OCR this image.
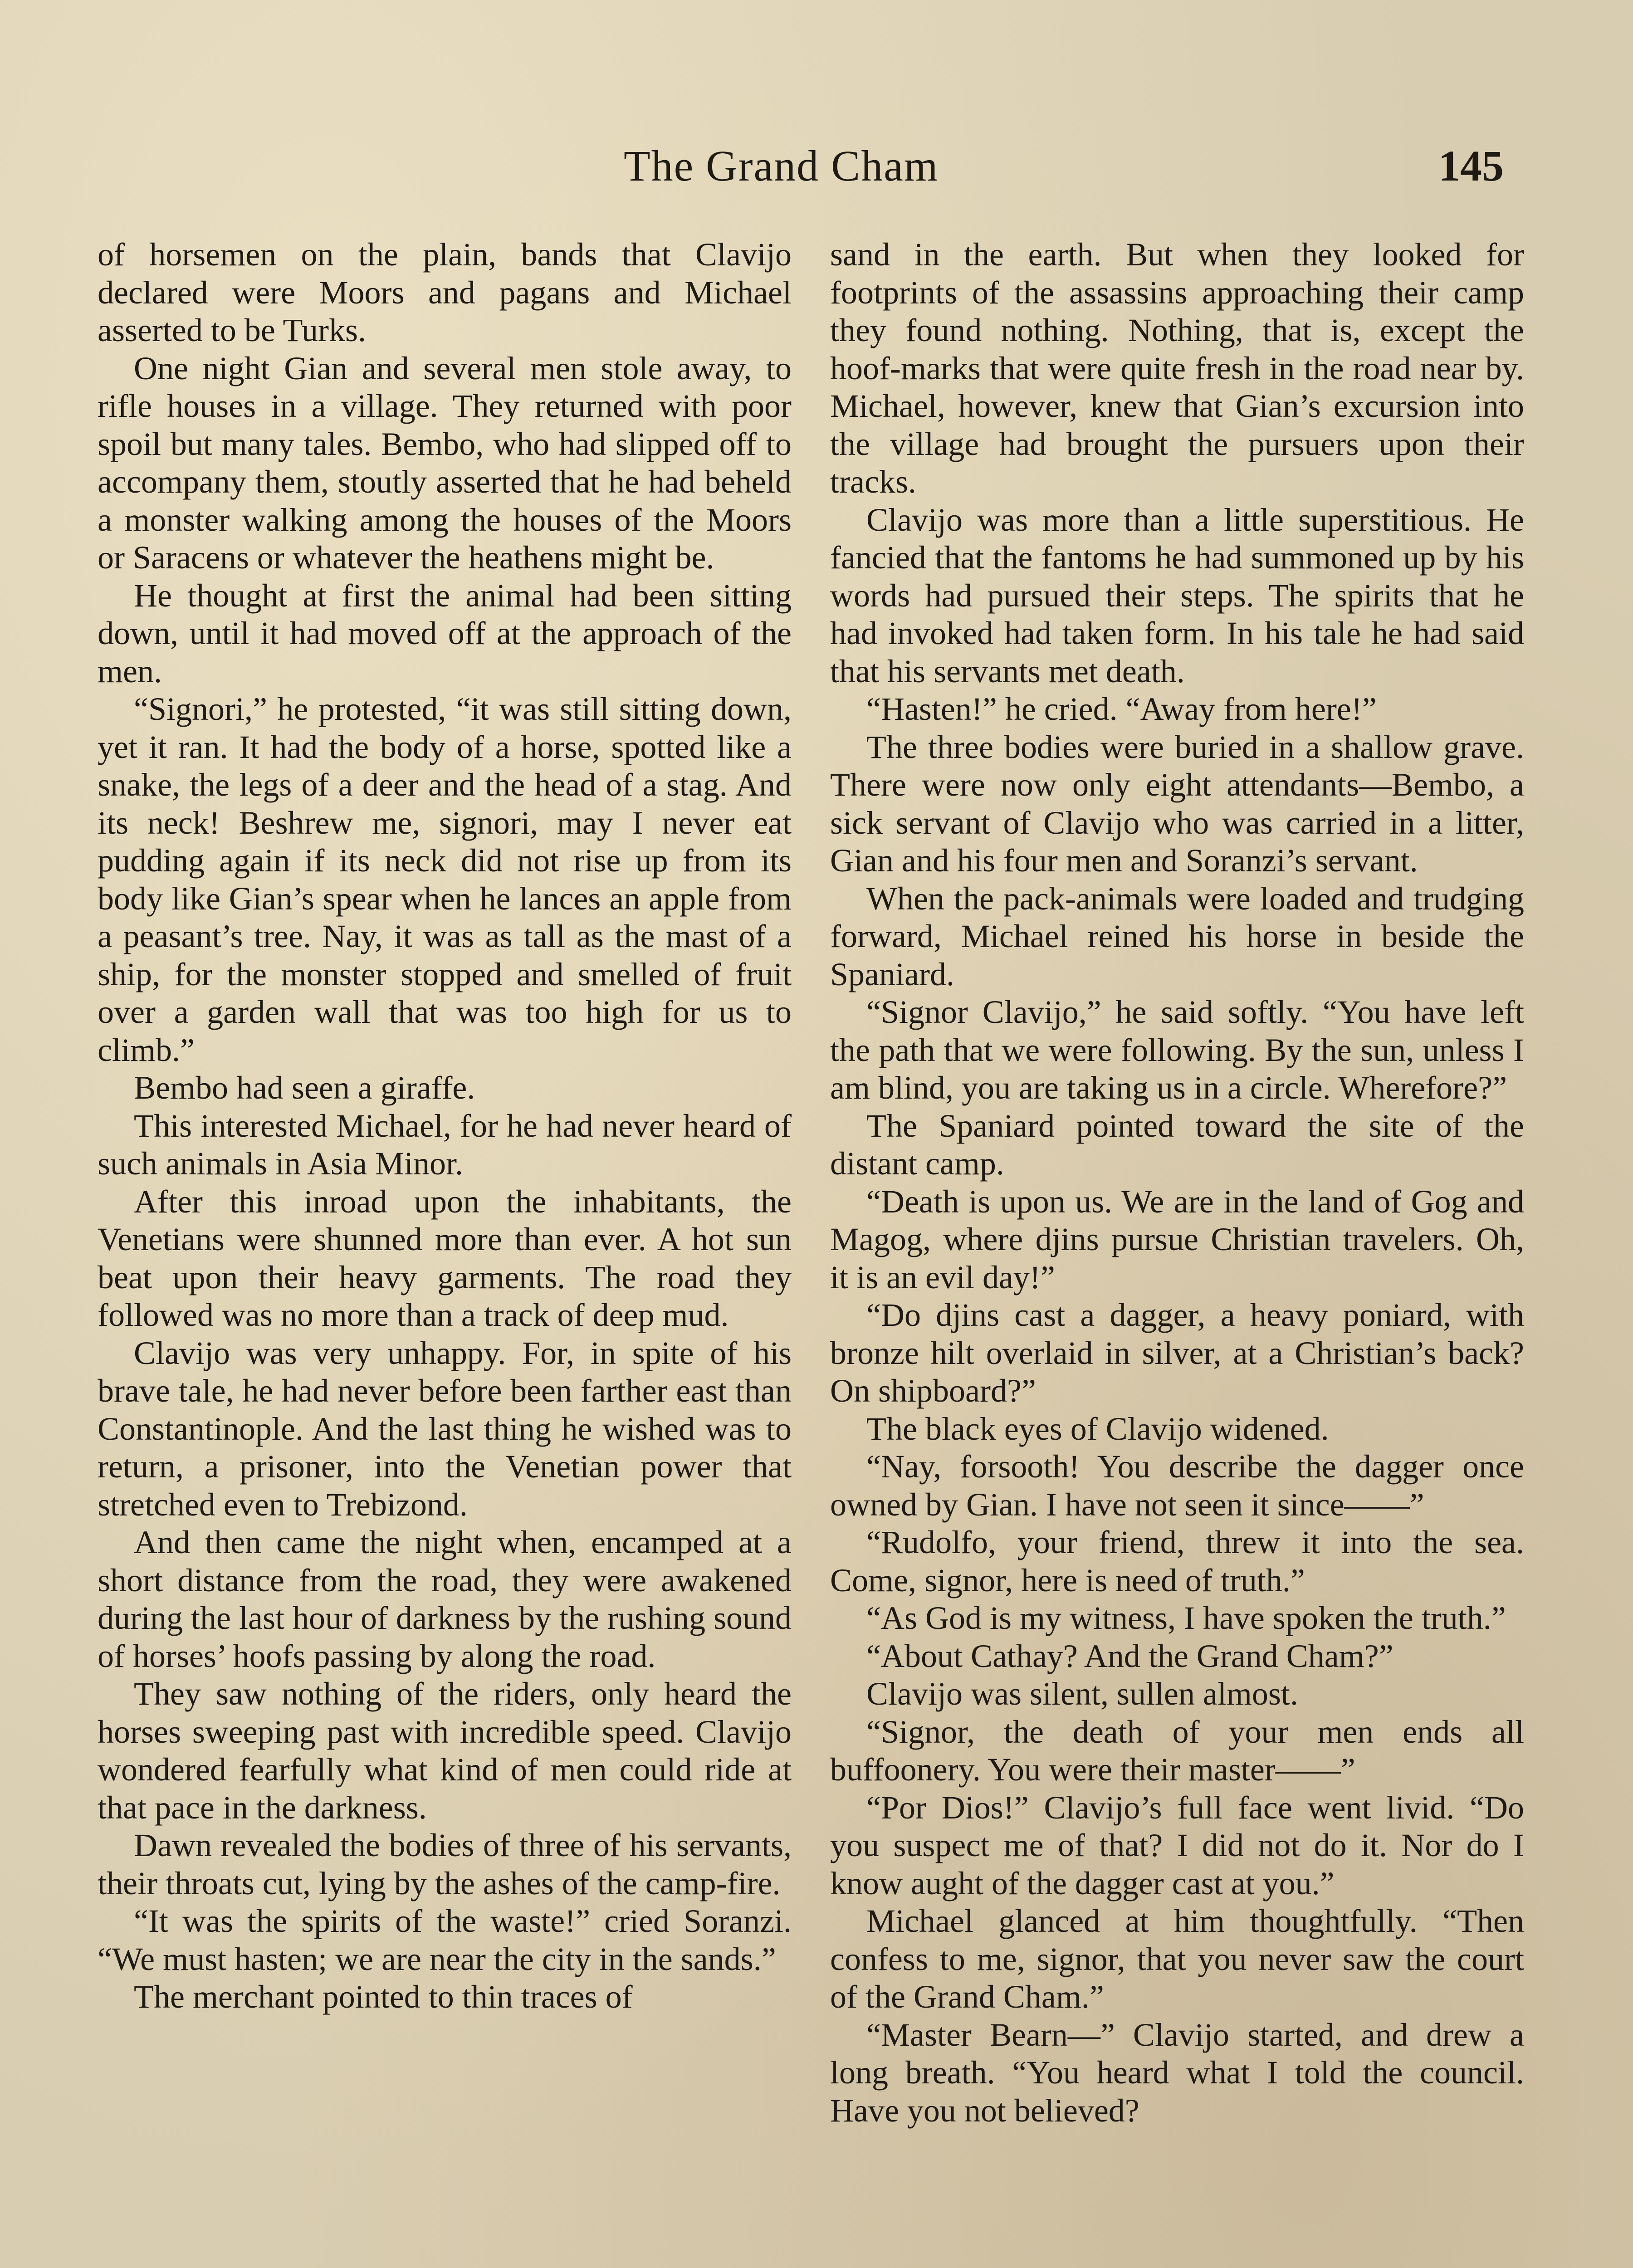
The Grand Cham	145

of horsemen on the plain, bands that Clavijo declared were Moors and pagans and Michael asserted to be Turks.

One night Gian and several men stole away, to rifle houses in a village. They returned with poor spoil but many tales. Bembo, who had slipped off to accompany them, stoutly asserted that he had beheld a monster walking among the houses of the Moors or Saracens or whatever the heathens might be.

He thought at first the animal had been sitting down, until it had moved off at the approach of the men.

“Signori,” he protested, “it was still sitting down, yet it ran. It had the body of a horse, spotted like a snake, the legs of a deer and the head of a stag. And its neck! Beshrew me, signori, may I never eat pudding again if its neck did not rise up from its body like Gian’s spear when he lances an apple from a peasant’s tree. Nay, it was as tall as the mast of a ship, for the monster stopped and smelled of fruit over a garden wall that was too high for us to climb.”

Bembo had seen a giraffe.

This interested Michael, for he had never heard of such animals in Asia Minor.

After this inroad upon the inhabitants, the Venetians were shunned more than ever. A hot sun beat upon their heavy garments. The road they followed was no more than a track of deep mud.

Clavijo was very unhappy. For, in spite of his brave tale, he had never before been farther east than Constantinople. And the last thing he wished was to return, a prisoner, into the Venetian power that stretched even to Trebizond.

And then came the night when, encamped at a short distance from the road, they were awakened during the last hour of darkness by the rushing sound of horses’ hoofs passing by along the road.

They saw nothing of the riders, only heard the horses sweeping past with incredible speed. Clavijo wondered fearfully what kind of men could ride at that pace in the darkness.

Dawn revealed the bodies of three of his servants, their throats cut, lying by the ashes of the camp-fire.

“It was the spirits of the waste!” cried Soranzi. “We must hasten; we are near the city in the sands.”

The merchant pointed to thin traces of

sand in the earth. But when they looked for footprints of the assassins approaching their camp they found nothing. Nothing, that is, except the hoof-marks that were quite fresh in the road near by. Michael, however, knew that Gian’s excursion into the village had brought the pursuers upon their tracks.

Clavijo was more than a little superstitious. He fancied that the fantoms he had summoned up by his words had pursued their steps. The spirits that he had invoked had taken form. In his tale he had said that his servants met death.

“Hasten!” he cried. “Away from here!”

The three bodies were buried in a shallow grave. There were now only eight attendants—Bembo, a sick servant of Clavijo who was carried in a litter, Gian and his four men and Soranzi’s servant.

When the pack-animals were loaded and trudging forward, Michael reined his horse in beside the Spaniard.

“Signor Clavijo,” he said softly. “You have left the path that we were following. By the sun, unless I am blind, you are taking us in a circle. Wherefore?”

The Spaniard pointed toward the site of the distant camp.

“Death is upon us. We are in the land of Gog and Magog, where djins pursue Christian travelers. Oh, it is an evil day!”

“Do djins cast a dagger, a heavy poniard, with bronze hilt overlaid in silver, at a Christian’s back? On shipboard?”

The black eyes of Clavijo widened.

“Nay, forsooth! You describe the dagger once owned by Gian. I have not seen it since——”

“Rudolfo, your friend, threw it into the sea. Come, signor, here is need of truth.”

“As God is my witness, I have spoken the truth.”

“About Cathay? And the Grand Cham?”

Clavijo was silent, sullen almost.

“Signor, the death of your men ends all buffoonery. You were their master——”

“Por Dios!” Clavijo’s full face went livid. “Do you suspect me of that? I did not do it. Nor do I know aught of the dagger cast at you.”

Michael glanced at him thoughtfully. “Then confess to me, signor, that you never saw the court of the Grand Cham.”

“Master Bearn—” Clavijo started, and drew a long breath. “You heard what I told the council. Have you not believed?
